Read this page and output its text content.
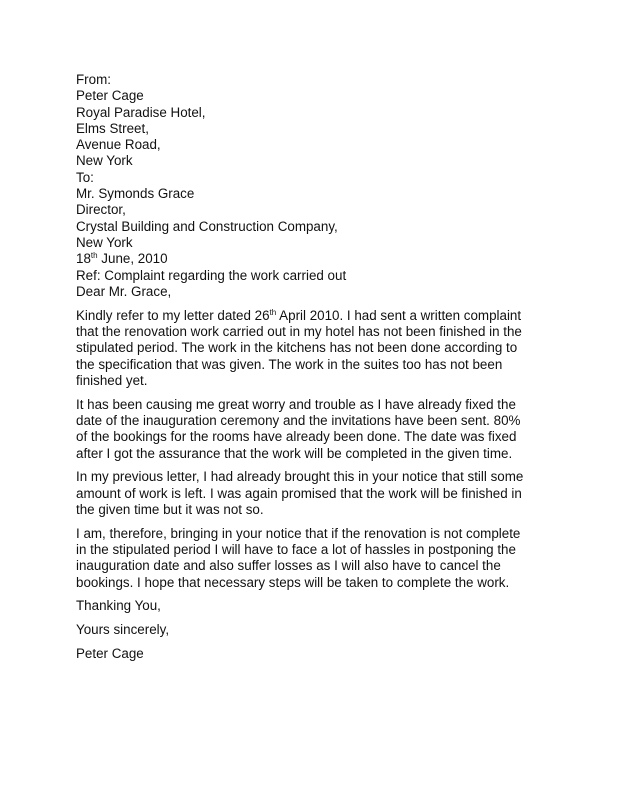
From:
Peter Cage
Royal Paradise Hotel,
Elms Street,
Avenue Road,
New York
To:
Mr. Symonds Grace
Director,
Crystal Building and Construction Company,
New York
18th June, 2010
Ref: Complaint regarding the work carried out
Dear Mr. Grace,
Kindly refer to my letter dated 26th April 2010. I had sent a written complaint
that the renovation work carried out in my hotel has not been finished in the
stipulated period. The work in the kitchens has not been done according to
the specification that was given. The work in the suites too has not been
finished yet.
It has been causing me great worry and trouble as I have already fixed the
date of the inauguration ceremony and the invitations have been sent. 80%
of the bookings for the rooms have already been done. The date was fixed
after I got the assurance that the work will be completed in the given time.
In my previous letter, I had already brought this in your notice that still some
amount of work is left. I was again promised that the work will be finished in
the given time but it was not so.
I am, therefore, bringing in your notice that if the renovation is not complete
in the stipulated period I will have to face a lot of hassles in postponing the
inauguration date and also suffer losses as I will also have to cancel the
bookings. I hope that necessary steps will be taken to complete the work.
Thanking You,
Yours sincerely,
Peter Cage
